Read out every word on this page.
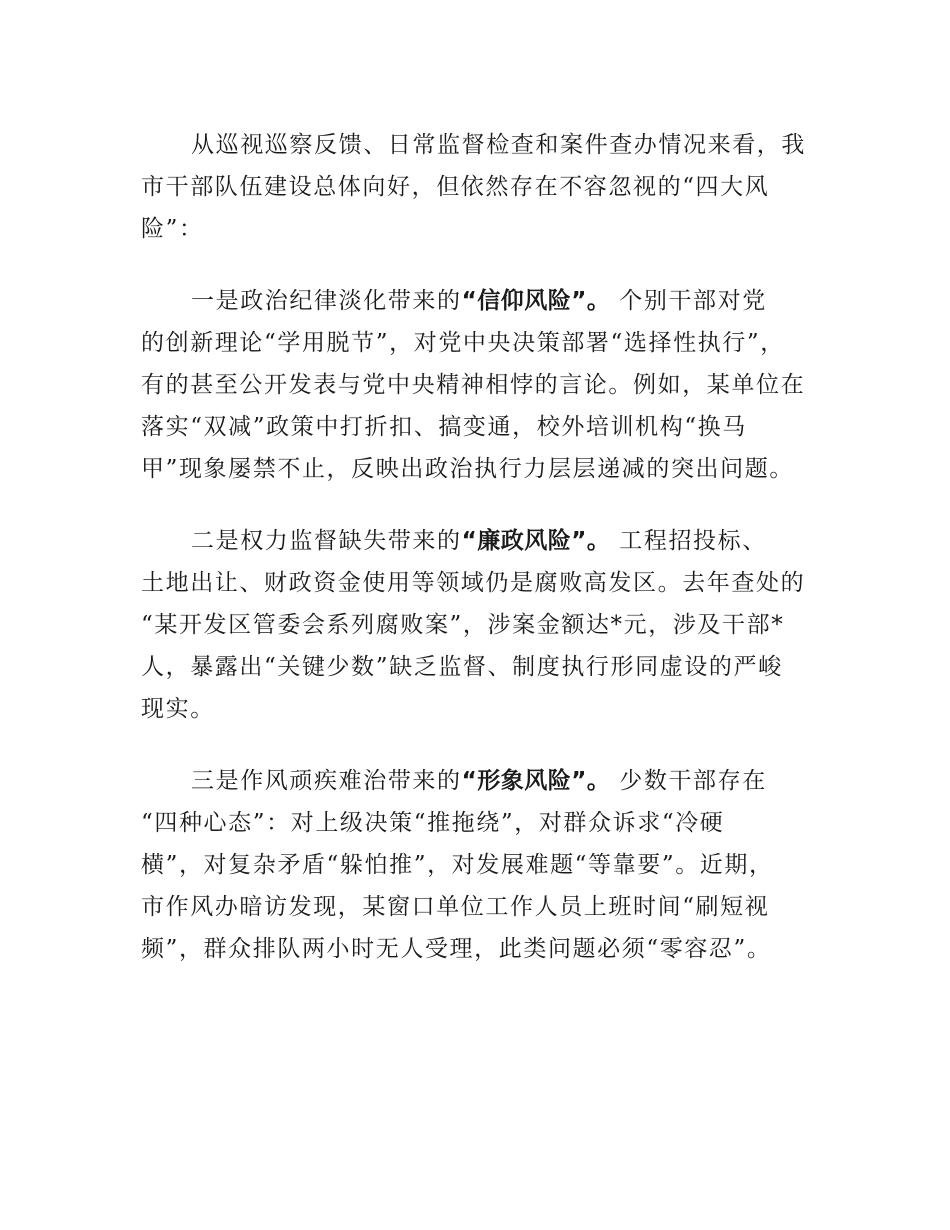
从巡视巡察反馈、日常监督检查和案件查办情况来看，我
市干部队伍建设总体向好，但依然存在不容忽视的“四大风
险”：
一是政治纪律淡化带来的“信仰风险”。 个别干部对党
的创新理论“学用脱节”，对党中央决策部署“选择性执行”，
有的甚至公开发表与党中央精神相悖的言论。例如，某单位在
落实“双减”政策中打折扣、搞变通，校外培训机构“换马
甲”现象屡禁不止，反映出政治执行力层层递减的突出问题。
二是权力监督缺失带来的“廉政风险”。 工程招投标、
土地出让、财政资金使用等领域仍是腐败高发区。去年查处的
“某开发区管委会系列腐败案”，涉案金额达*元，涉及干部*
人，暴露出“关键少数”缺乏监督、制度执行形同虚设的严峻
现实。
三是作风顽疾难治带来的“形象风险”。 少数干部存在
“四种心态”：对上级决策“推拖绕”，对群众诉求“冷硬
横”，对复杂矛盾“躲怕推”，对发展难题“等靠要”。近期，
市作风办暗访发现，某窗口单位工作人员上班时间“刷短视
频”，群众排队两小时无人受理，此类问题必须“零容忍”。
